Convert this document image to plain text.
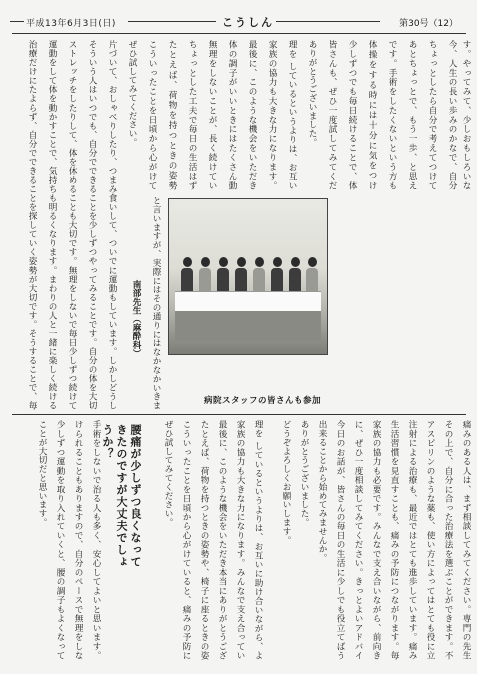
平成13年6月3日(日)	こうしん	第30号（12）
す。やってみて、少しおもしろいな
今、人生の長い歩みのかなで、自分
ちょっとしたら自分で考えてつけて
あとちょっとで、もう一歩、と思え
です。手術をしたくないという方も
体操をする時には十分に気をつけ
少しずつでも毎日続けることで、体
皆さんも、ぜひ一度試してみてくだ
ありがとうございました。
理を しているというよりは、お互い
家族の協力も大きな力になります。
最後に、このような機会をいただき
体の調子がいいときにはたくさん動
無理をしないことが、長く続けてい
ちょっとした工夫で毎日の生活はず
たとえば、荷物を持つときの姿勢
こういったことを日頃から心がけて
ぜひ試してみてください。
片づいて、おしゃべりしたり、つまみ食いして、ついでに運動もしています。しかしどうし
そういう人はいつでも、自分でできることを少しずつやってみることです。自分の体を大切
ストレッチをしたりして、体を休めることも大切です。無理をしないで毎日少しずつ続けて
運動をして体を動かすことで、気持ちも明るくなります。まわりの人と一緒に楽しく続ける
治療だけにたよらず、自分でできることを探していく姿勢が大切です。そうすることで、毎
と言いますが、実際にはその通りにはなかなかいきま
南部先生（麻酔科）
病院スタッフの皆さんも参加
痛みのある人は、まず相談してみてください。専門の先生
その上で、自分に合った治療法を選ぶことができます。不
アスピリンのような薬も、使い方によってはとても役に立
注射による治療も、最近ではとても進歩しています。痛み
生活習慣を見直すことも、痛みの予防につながります。毎
家族の協力も必要です。みんなで支え合いながら、前向き
に、ぜひ一度相談してみてください。きっとよいアドバイ
今日のお話が、皆さんの毎日の生活に少しでも役立てばう
出来ることから始めてみませんか。
ありがとうございました。
どうぞよろしくお願いします。
腰痛が少しずつ良くなってきたのですが大丈夫でしょうか？
手術をしないで治る人も多く、安心してよいと思います。
けられることもありますので、自分のペースで無理をしな
少しずつ運動を取り入れていくと、腰の調子もよくなって
ことが大切だと思います。	理を しているというよりは、お互いに助け合いながら、よ
家族の協力も大きな力になります。みんなで支え合ってい
最後に、このような機会をいただき本当にありがとうござ
たとえば、荷物を持つときの姿勢や、椅子に座るときの姿
こういったことを日頃から心がけていると、痛みの予防に
ぜひ試してみてください。
